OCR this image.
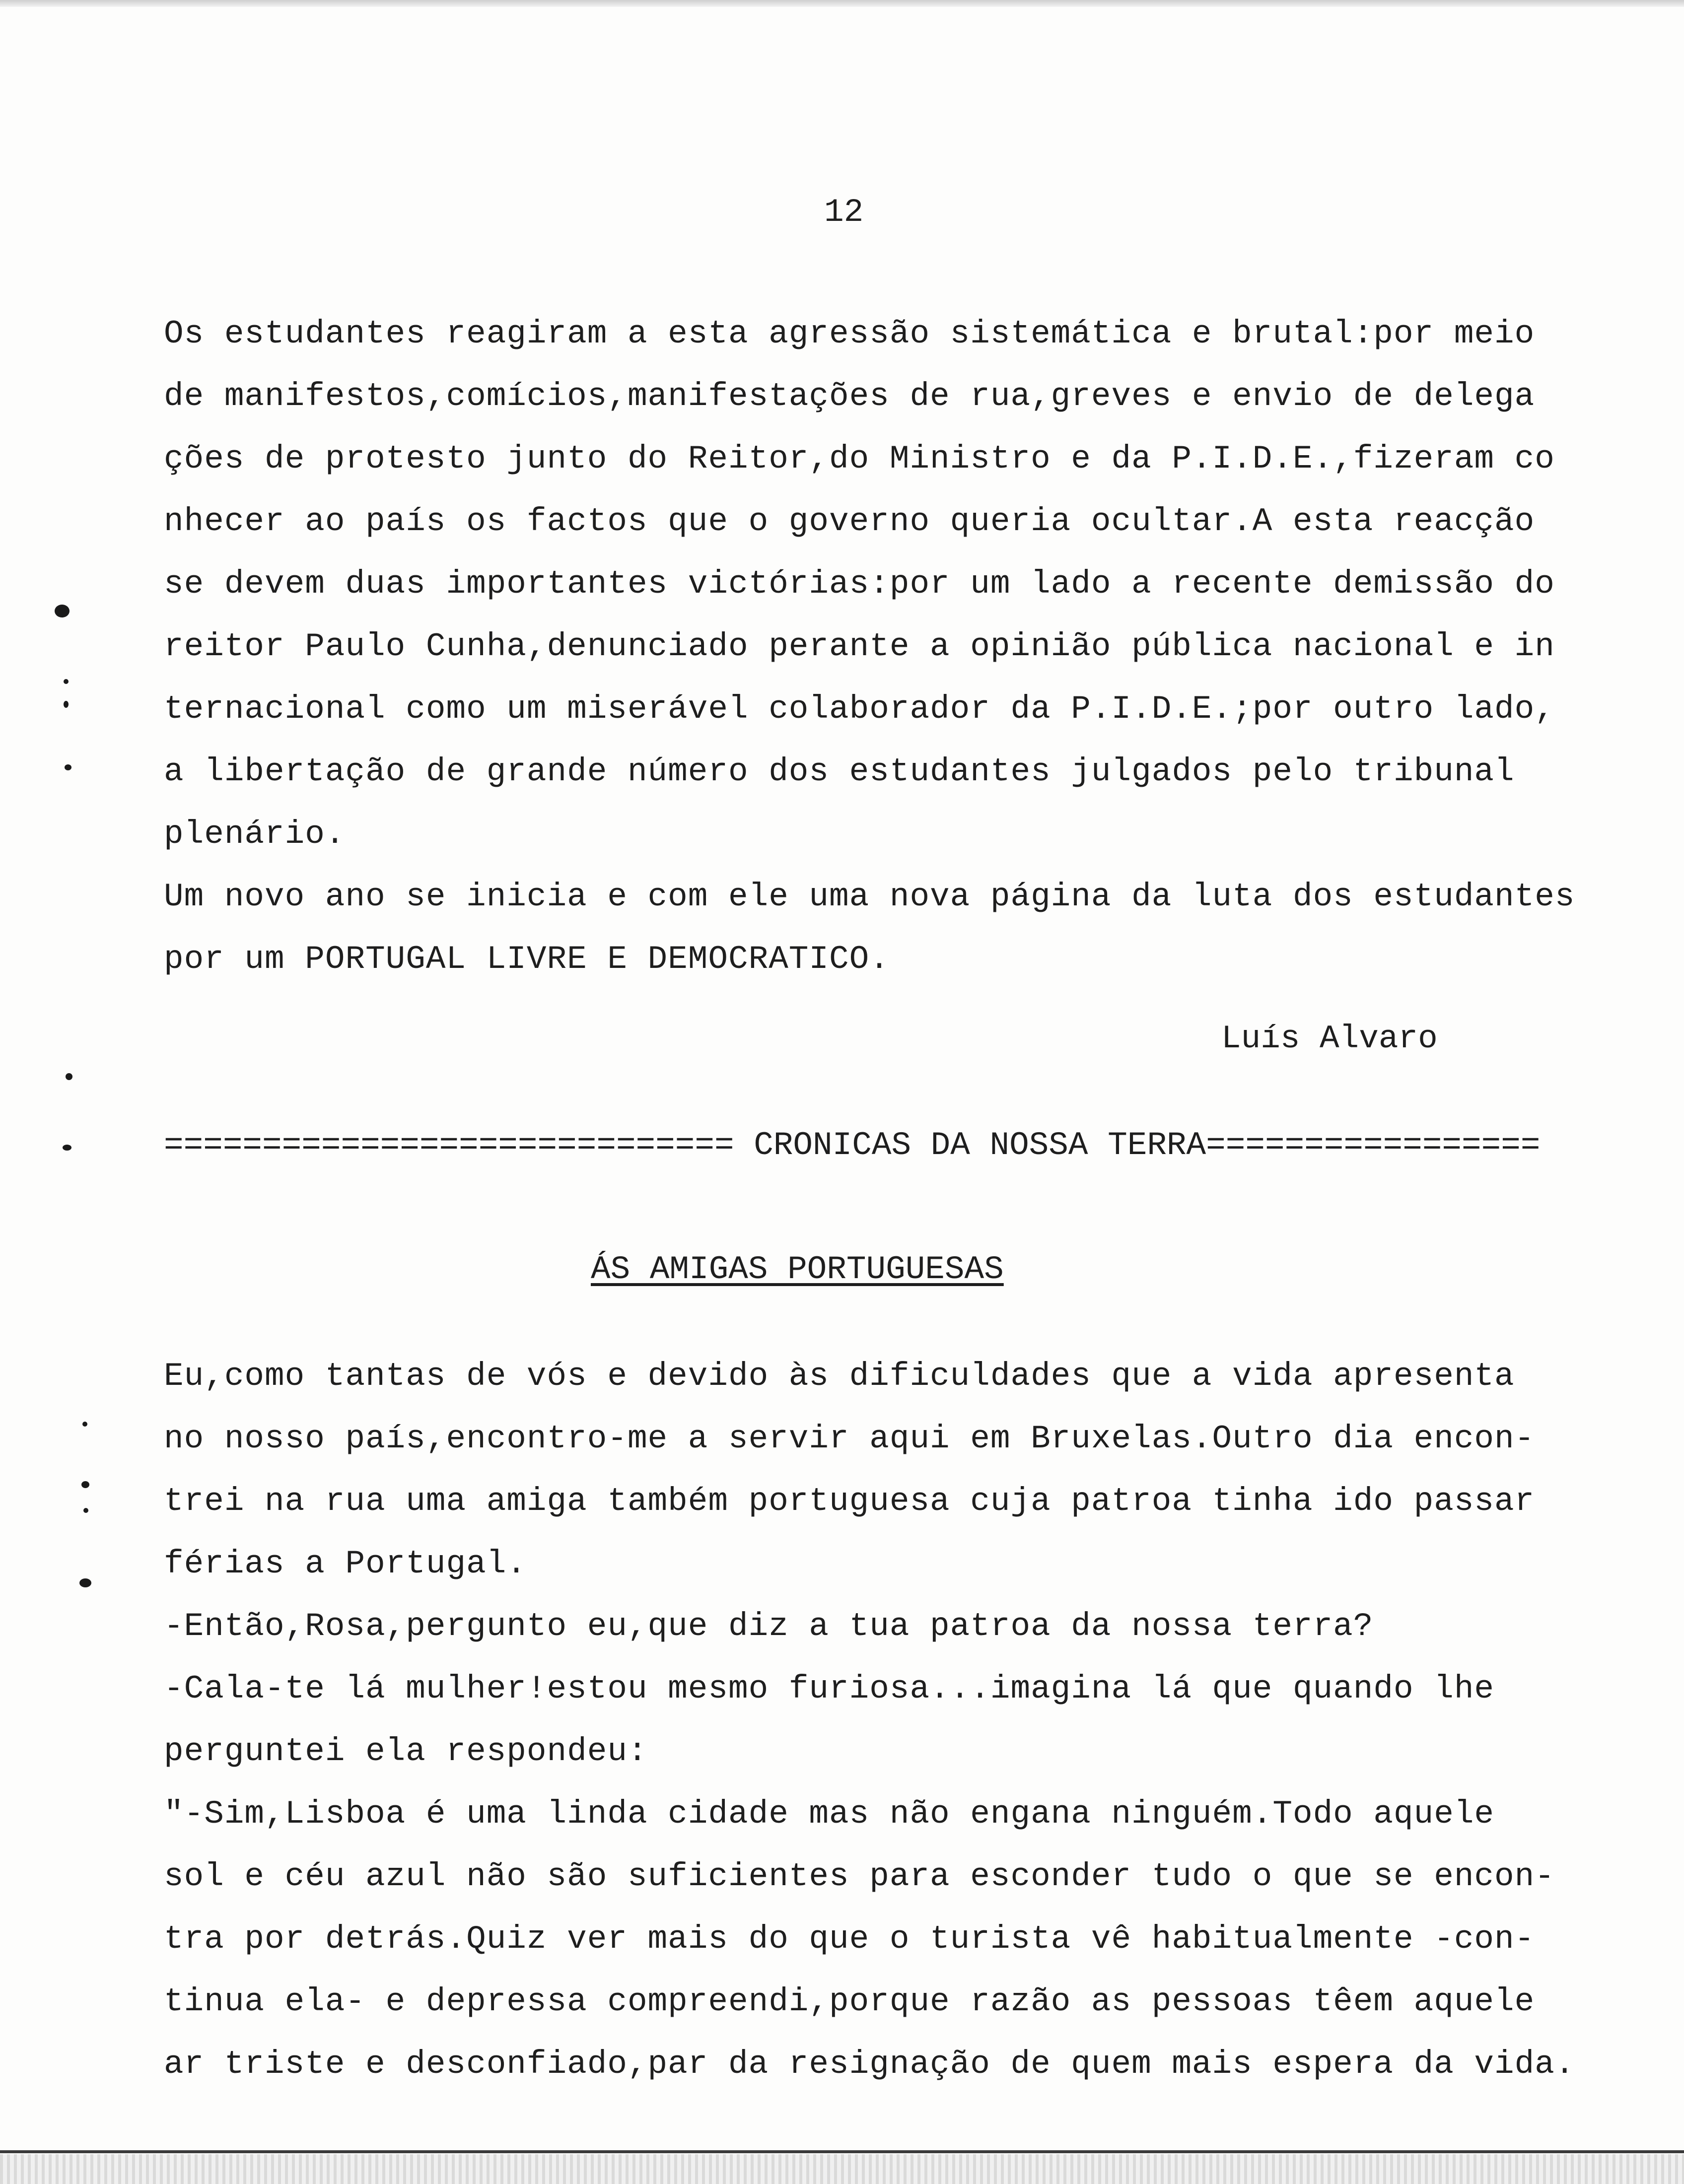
12
Os estudantes reagiram a esta agressão sistemática e brutal:por meio
de manifestos,comícios,manifestações de rua,greves e envio de delega
ções de protesto junto do Reitor,do Ministro e da P.I.D.E.,fizeram co
nhecer ao país os factos que o governo queria ocultar.A esta reacção
se devem duas importantes victórias:por um lado a recente demissão do
reitor Paulo Cunha,denunciado perante a opinião pública nacional e in
ternacional como um miserável colaborador da P.I.D.E.;por outro lado,
a libertação de grande número dos estudantes julgados pelo tribunal
plenário.
Um novo ano se inicia e com ele uma nova página da luta dos estudantes
por um PORTUGAL LIVRE E DEMOCRATICO.
Luís Alvaro
============================= CRONICAS DA NOSSA TERRA=================
ÁS AMIGAS PORTUGUESAS
Eu,como tantas de vós e devido às dificuldades que a vida apresenta
no nosso país,encontro-me a servir aqui em Bruxelas.Outro dia encon-
trei na rua uma amiga também portuguesa cuja patroa tinha ido passar
férias a Portugal.
-Então,Rosa,pergunto eu,que diz a tua patroa da nossa terra?
-Cala-te lá mulher!estou mesmo furiosa...imagina lá que quando lhe
perguntei ela respondeu:
"-Sim,Lisboa é uma linda cidade mas não engana ninguém.Todo aquele
sol e céu azul não são suficientes para esconder tudo o que se encon-
tra por detrás.Quiz ver mais do que o turista vê habitualmente -con-
tinua ela- e depressa compreendi,porque razão as pessoas têem aquele
ar triste e desconfiado,par da resignação de quem mais espera da vida.
